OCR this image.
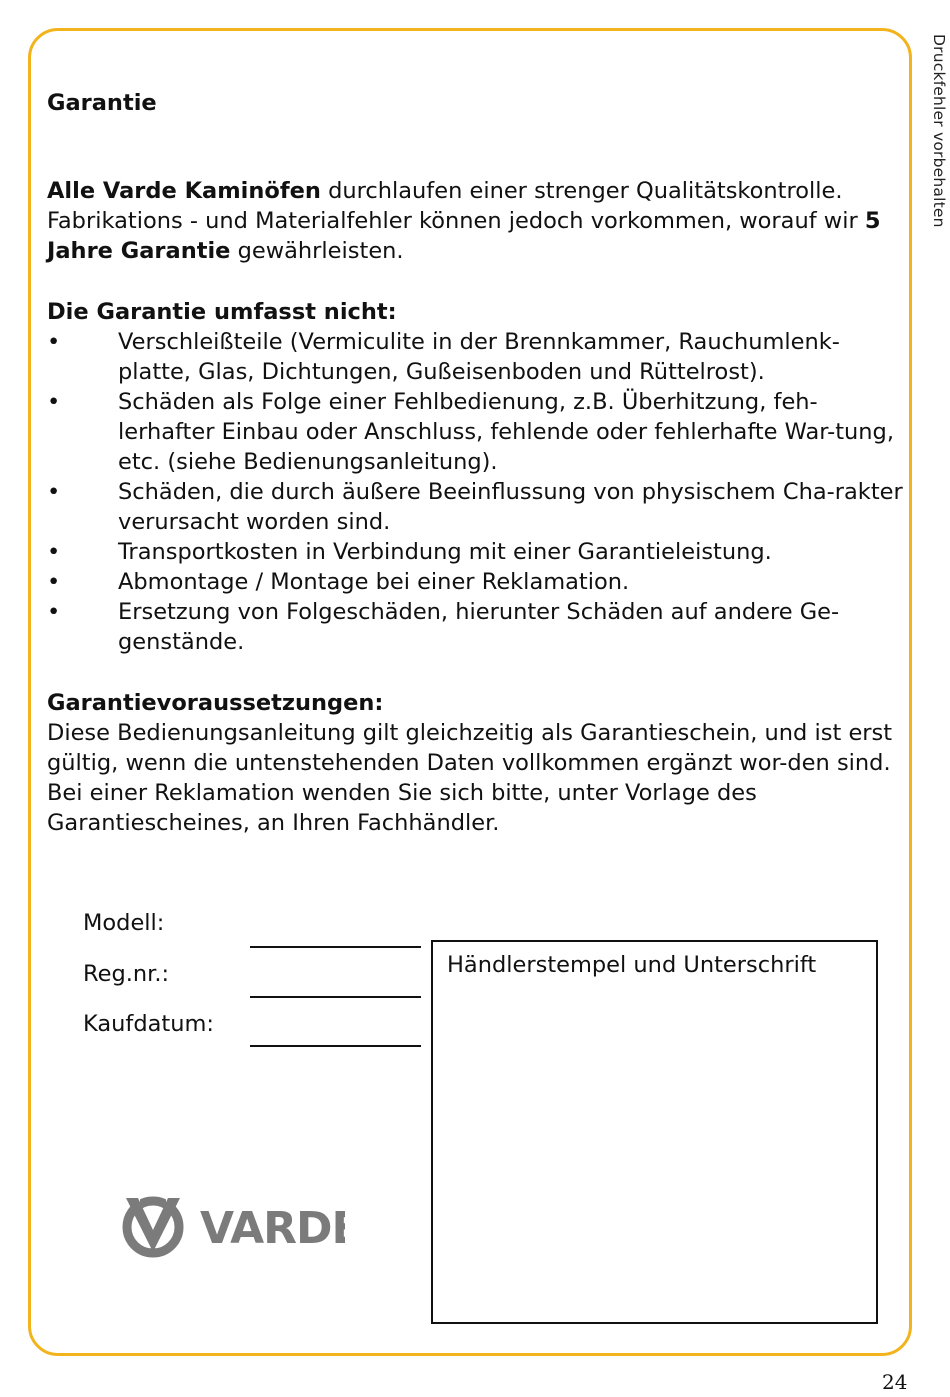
Druckfehler vorbehalten

Garantie

Alle Varde Kaminöfen durchlaufen einer strenger Qualitätskontrolle. Fabrikations - und Materialfehler können jedoch vorkommen, worauf wir 5 Jahre Garantie gewährleisten.

Die Garantie umfasst nicht:

•	Verschleißteile (Vermiculite in der Brennkammer, Rauchumlenk-platte, Glas, Dichtungen, Gußeisenboden und Rüttelrost).
•	Schäden als Folge einer Fehlbedienung, z.B. Überhitzung, feh-lerhafter Einbau oder Anschluss, fehlende oder fehlerhafte War-tung, etc. (siehe Bedienungsanleitung).
•	Schäden, die durch äußere Beeinflussung von physischem Cha-rakter verursacht worden sind.
•	Transportkosten in Verbindung mit einer Garantieleistung.
•	Abmontage / Montage bei einer Reklamation.
•	Ersetzung von Folgeschäden, hierunter Schäden auf andere Ge-genstände.

Garantievoraussetzungen:

Diese Bedienungsanleitung gilt gleichzeitig als Garantieschein, und ist erst gültig, wenn die untenstehenden Daten vollkommen ergänzt wor-den sind. Bei einer Reklamation wenden Sie sich bitte, unter Vorlage des Garantiescheines, an Ihren Fachhändler.

Modell:
Reg.nr.:
Kaufdatum:
Händlerstempel und Unterschrift
VARDE
24
